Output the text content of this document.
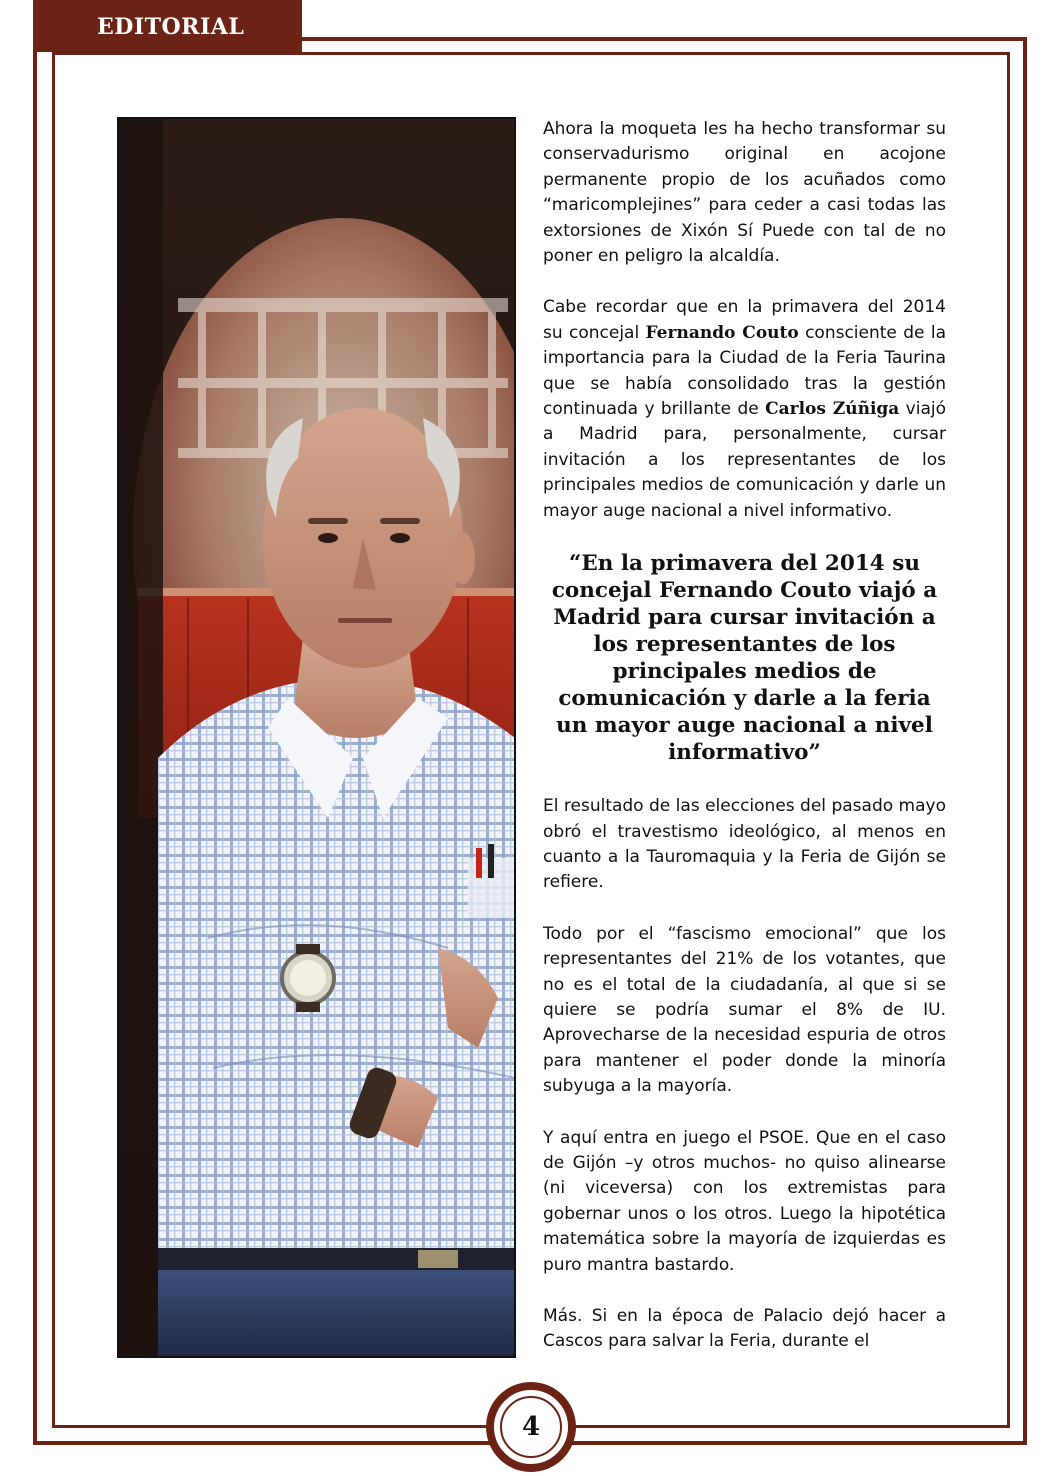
EDITORIAL

Ahora la moqueta les ha hecho transformar su conservadurismo original en acojone permanente propio de los acuñados como “maricomplejines” para ceder a casi todas las extorsiones de Xixón Sí Puede con tal de no poner en peligro la alcaldía.

Cabe recordar que en la primavera del 2014 su concejal Fernando Couto consciente de la importancia para la Ciudad de la Feria Taurina que se había consolidado tras la gestión continuada y brillante de Carlos Zúñiga viajó a Madrid para, personalmente, cursar invitación a los representantes de los principales medios de comunicación y darle un mayor auge nacional a nivel informativo.

“En la primavera del 2014 su concejal Fernando Couto viajó a Madrid para cursar invitación a los representantes de los principales medios de comunicación y darle a la feria un mayor auge nacional a nivel informativo”

El resultado de las elecciones del pasado mayo obró el travestismo ideológico, al menos en cuanto a la Tauromaquia y la Feria de Gijón se refiere.

Todo por el “fascismo emocional” que los representantes del 21% de los votantes, que no es el total de la ciudadanía, al que si se quiere se podría sumar el 8% de IU. Aprovecharse de la necesidad espuria de otros para mantener el poder donde la minoría subyuga a la mayoría.

Y aquí entra en juego el PSOE. Que en el caso de Gijón –y otros muchos- no quiso alinearse (ni viceversa) con los extremistas para gobernar unos o los otros. Luego la hipotética matemática sobre la mayoría de izquierdas es puro mantra bastardo.

Más. Si en la época de Palacio dejó hacer a Cascos para salvar la Feria, durante el

4
